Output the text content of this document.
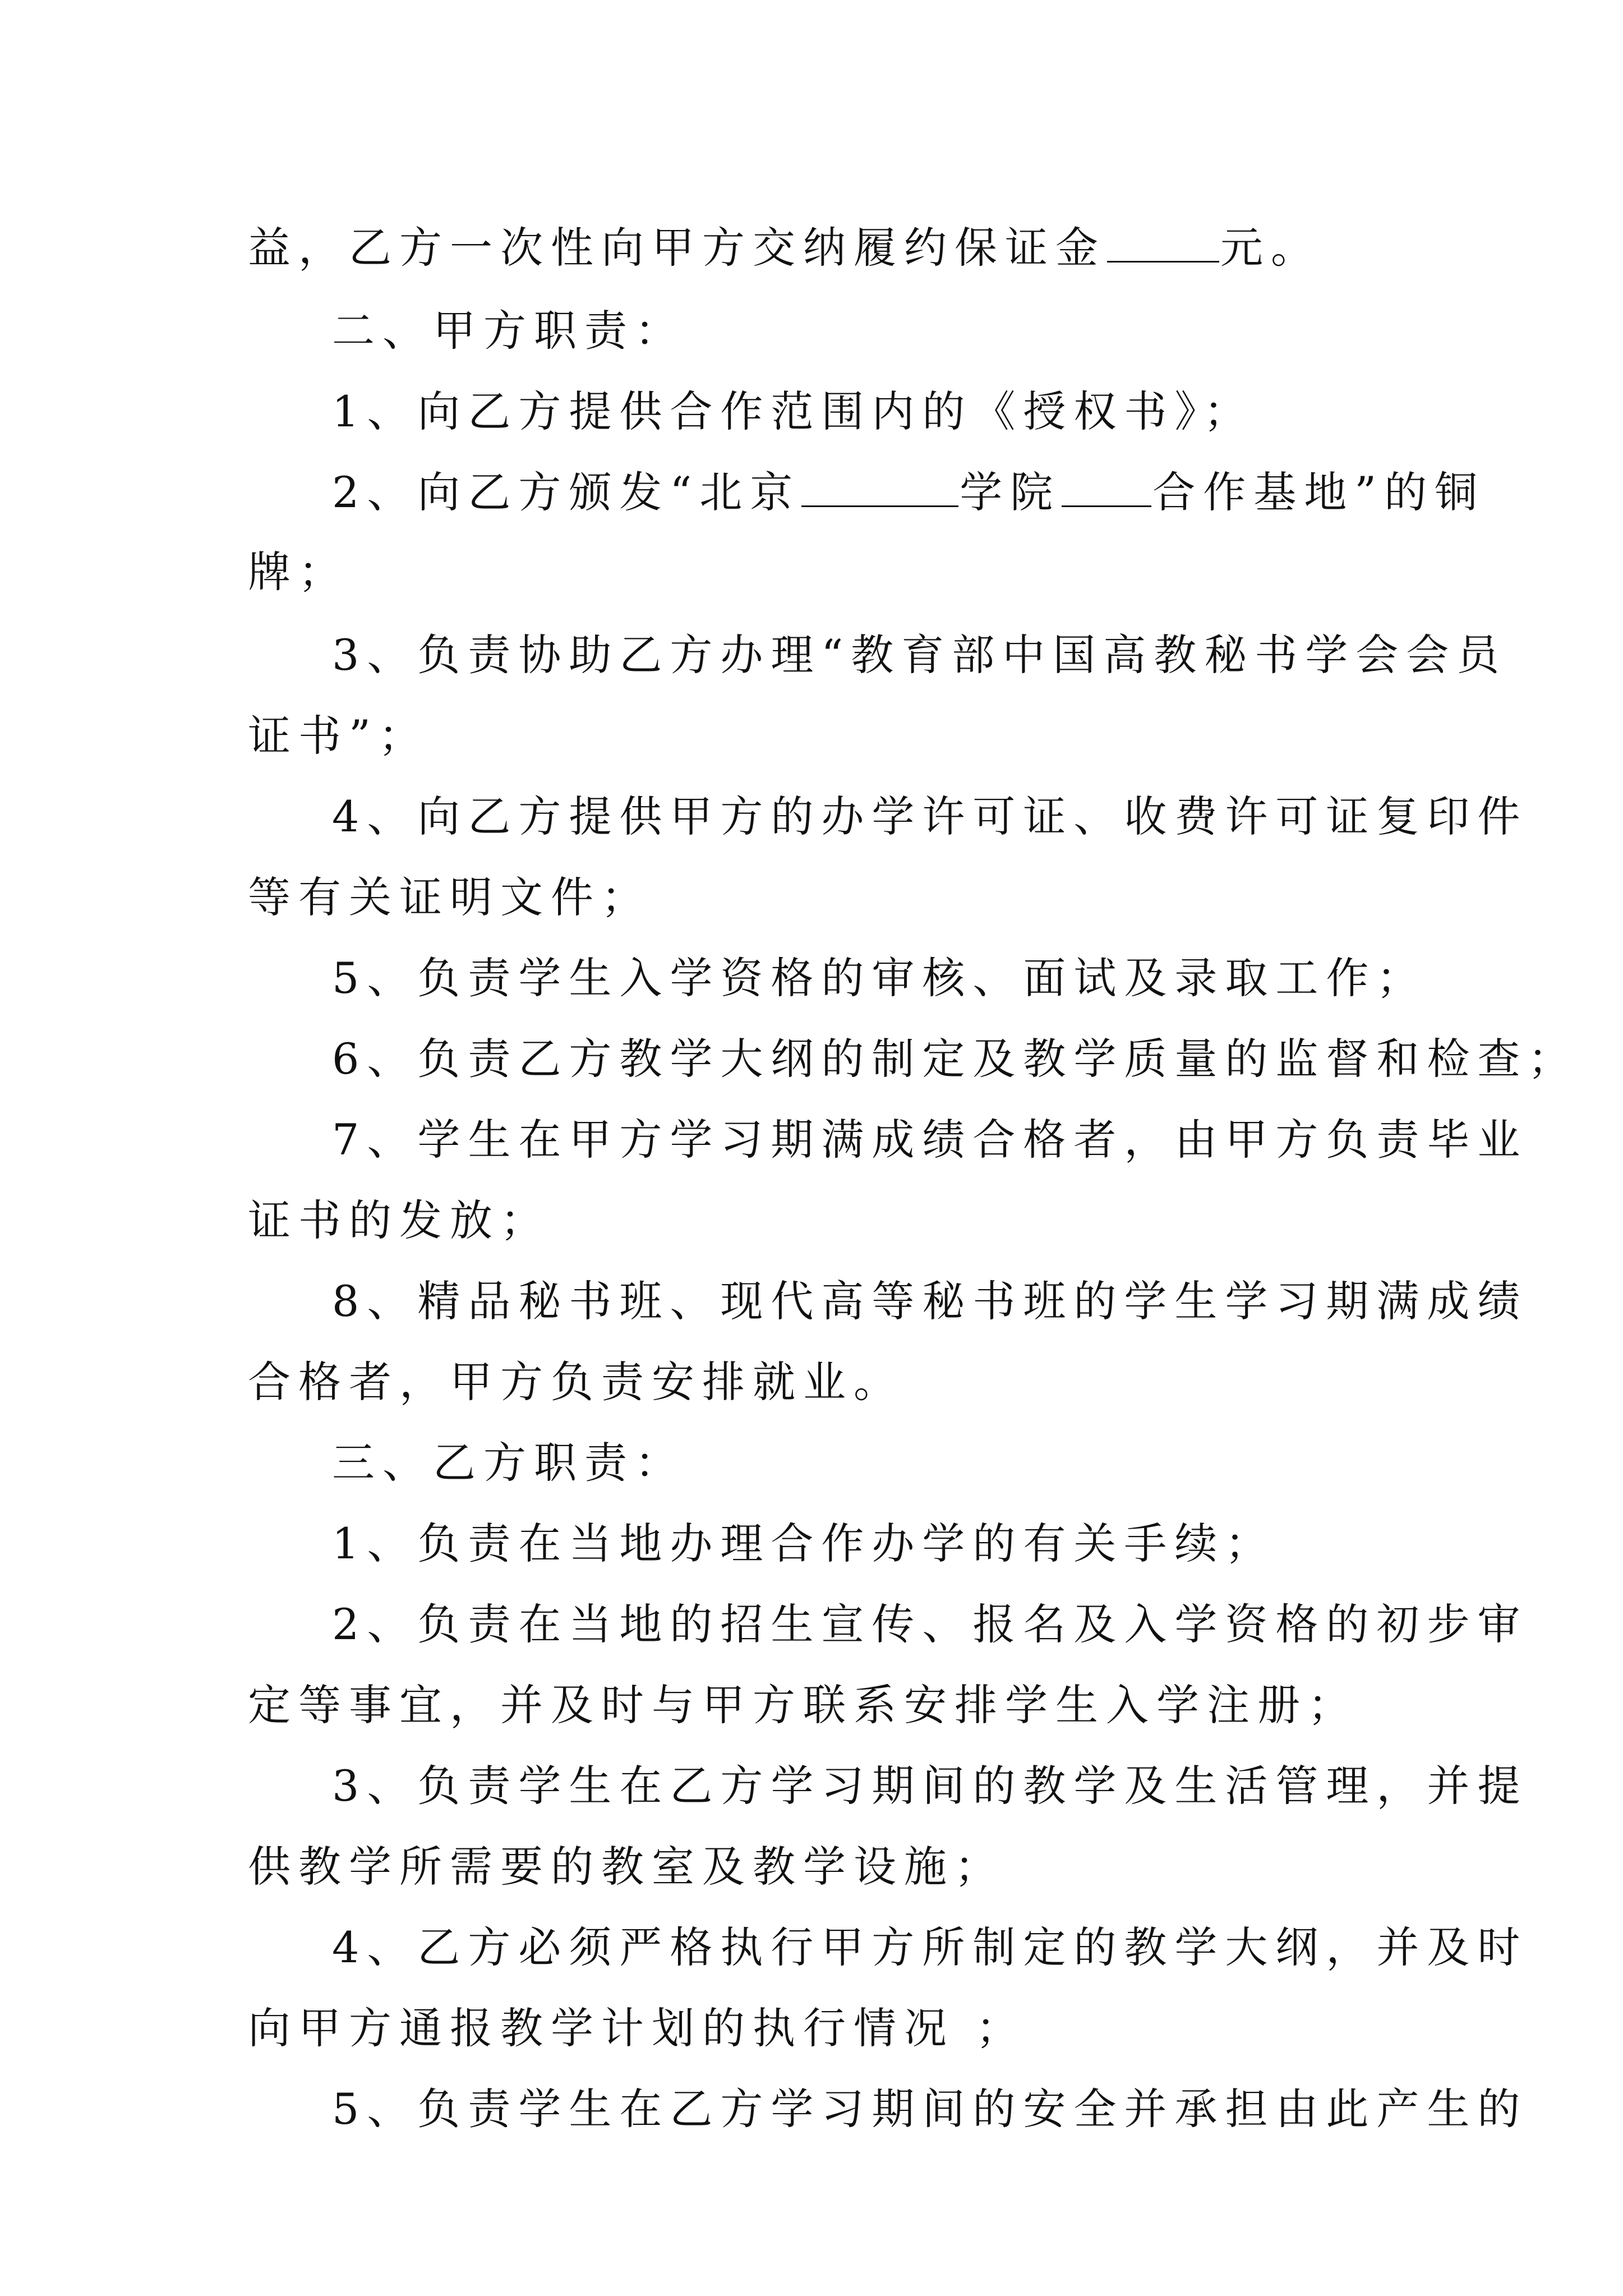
益，乙方一次性向甲方交纳履约保证金	元。
二、甲方职责：
1、向乙方提供合作范围内的《授权书》；
2、向乙方颁发“北京	学院 合作基地”的铜
牌；
3、负责协助乙方办理“教育部中国高教秘书学会会员
证书”；
4、向乙方提供甲方的办学许可证、收费许可证复印件
等有关证明文件；
5、负责学生入学资格的审核、面试及录取工作；
6、负责乙方教学大纲的制定及教学质量的监督和检查；
7、学生在甲方学习期满成绩合格者，由甲方负责毕业
证书的发放；
8、精品秘书班、现代高等秘书班的学生学习期满成绩
合格者，甲方负责安排就业。
三、乙方职责：
1、负责在当地办理合作办学的有关手续；
2、负责在当地的招生宣传、报名及入学资格的初步审
定等事宜，并及时与甲方联系安排学生入学注册；
3、负责学生在乙方学习期间的教学及生活管理，并提
供教学所需要的教室及教学设施；
4、乙方必须严格执行甲方所制定的教学大纲，并及时
向甲方通报教学计划的执行情况 ；
5、负责学生在乙方学习期间的安全并承担由此产生的
